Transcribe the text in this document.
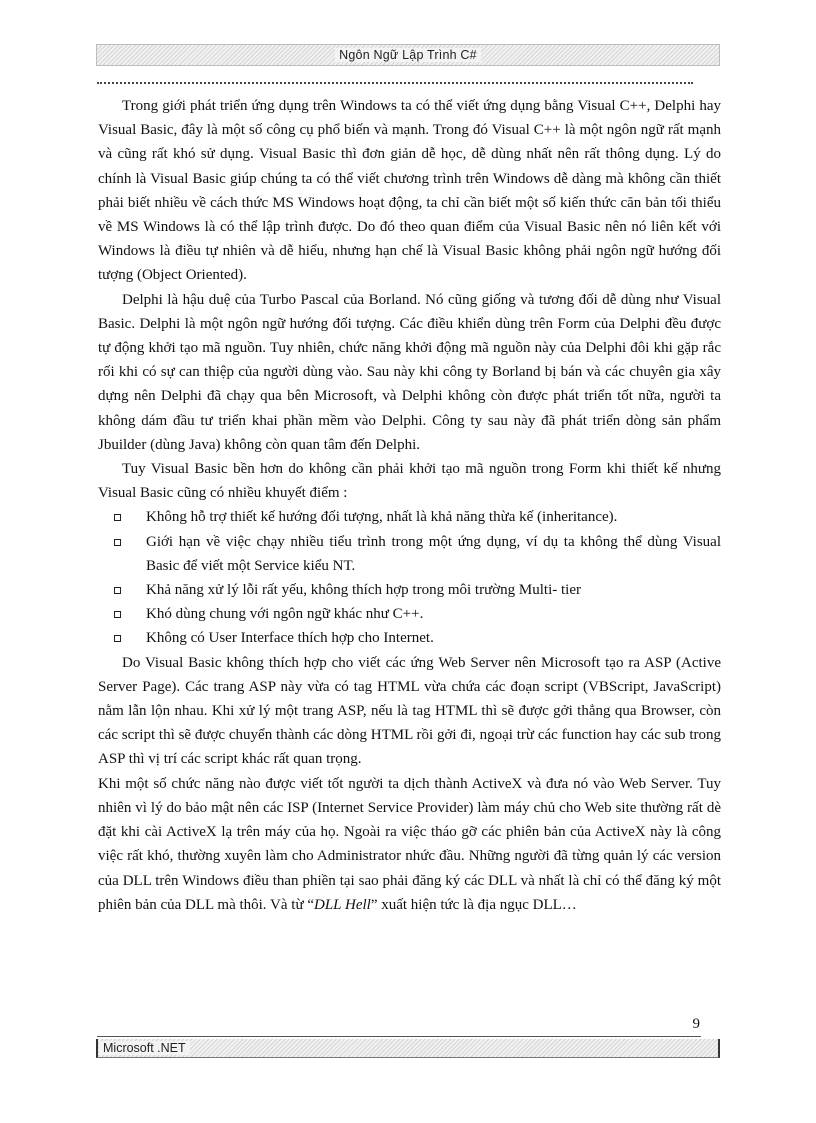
Ngôn Ngữ Lập Trình C#

Trong giới phát triển ứng dụng trên Windows ta có thể viết ứng dụng bằng Visual C++, Delphi hay Visual Basic, đây là một số công cụ phổ biến và mạnh. Trong đó Visual C++ là một ngôn ngữ rất mạnh và cũng rất khó sử dụng. Visual Basic thì đơn giản dễ học, dễ dùng nhất nên rất thông dụng. Lý do chính là Visual Basic giúp chúng ta có thể viết chương trình trên Windows dễ dàng mà không cần thiết phải biết nhiều về cách thức MS Windows hoạt động, ta chỉ cần biết một số kiến thức căn bản tối thiểu về MS Windows là có thể lập trình được. Do đó theo quan điểm của Visual Basic nên nó liên kết với Windows là điều tự nhiên và dễ hiểu, nhưng hạn chế là Visual Basic không phải ngôn ngữ hướng đối tượng (Object Oriented).

Delphi là hậu duệ của Turbo Pascal của Borland. Nó cũng giống và tương đối dễ dùng như Visual Basic. Delphi là một ngôn ngữ hướng đối tượng. Các điều khiển dùng trên Form của Delphi đều được tự động khởi tạo mã nguồn. Tuy nhiên, chức năng khởi động mã nguồn này của Delphi đôi khi gặp rắc rối khi có sự can thiệp của người dùng vào. Sau này khi công ty Borland bị bán và các chuyên gia xây dựng nên Delphi đã chạy qua bên Microsoft, và Delphi không còn được phát triển tốt nữa, người ta không dám đầu tư triển khai phần mềm vào Delphi. Công ty sau này đã phát triển dòng sản phẩm Jbuilder (dùng Java) không còn quan tâm đến Delphi.

Tuy Visual Basic bền hơn do không cần phải khởi tạo mã nguồn trong Form khi thiết kế nhưng Visual Basic cũng có nhiều khuyết điểm :

Không hỗ trợ thiết kế hướng đối tượng, nhất là khả năng thừa kế (inheritance).
Giới hạn về việc chạy nhiều tiểu trình trong một ứng dụng, ví dụ ta không thể dùng Visual Basic để viết một Service kiểu NT.
Khả năng xử lý lỗi rất yếu, không thích hợp trong môi trường Multi- tier
Khó dùng chung với ngôn ngữ khác như C++.
Không có User Interface thích hợp cho Internet.

Do Visual Basic không thích hợp cho viết các ứng Web Server nên Microsoft tạo ra ASP (Active Server Page). Các trang ASP này vừa có tag HTML vừa chứa các đoạn script (VBScript, JavaScript) nằm lẫn lộn nhau. Khi xử lý một trang ASP, nếu là tag HTML thì sẽ được gởi thẳng qua Browser, còn các script thì sẽ được chuyển thành các dòng HTML rồi gởi đi, ngoại trừ các function hay các sub trong ASP thì vị trí các script khác rất quan trọng.

Khi một số chức năng nào được viết tốt người ta dịch thành ActiveX và đưa nó vào Web Server. Tuy nhiên vì lý do bảo mật nên các ISP (Internet Service Provider) làm máy chủ cho Web site thường rất dè đặt khi cài ActiveX lạ trên máy của họ. Ngoài ra việc tháo gỡ các phiên bản của ActiveX này là công việc rất khó, thường xuyên làm cho Administrator nhức đầu. Những người đã từng quản lý các version của DLL trên Windows điều than phiền tại sao phải đăng ký các DLL và nhất là chỉ có thể đăng ký một phiên bản của DLL mà thôi. Và từ “DLL Hell” xuất hiện tức là địa ngục DLL…

9
Microsoft .NET
